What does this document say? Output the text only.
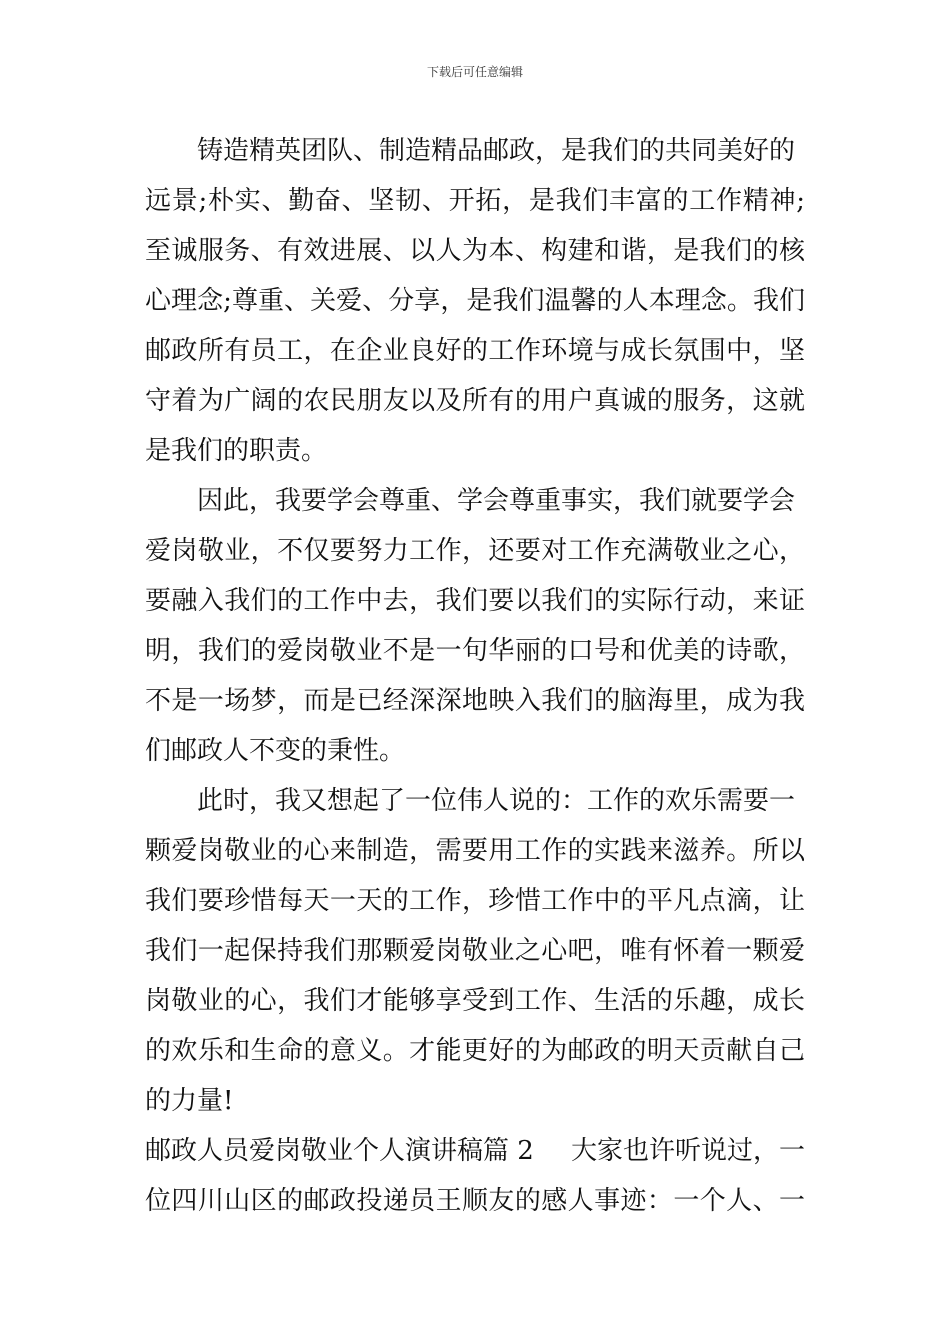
下载后可任意编辑
铸造精英团队、制造精品邮政，是我们的共同美好的
远景;朴实、勤奋、坚韧、开拓，是我们丰富的工作精神;
至诚服务、有效进展、以人为本、构建和谐，是我们的核
心理念;尊重、关爱、分享，是我们温馨的人本理念。我们
邮政所有员工，在企业良好的工作环境与成长氛围中，坚
守着为广阔的农民朋友以及所有的用户真诚的服务，这就
是我们的职责。
因此，我要学会尊重、学会尊重事实，我们就要学会
爱岗敬业，不仅要努力工作，还要对工作充满敬业之心，
要融入我们的工作中去，我们要以我们的实际行动，来证
明，我们的爱岗敬业不是一句华丽的口号和优美的诗歌，
不是一场梦，而是已经深深地映入我们的脑海里，成为我
们邮政人不变的秉性。
此时，我又想起了一位伟人说的：工作的欢乐需要一
颗爱岗敬业的心来制造，需要用工作的实践来滋养。所以
我们要珍惜每天一天的工作，珍惜工作中的平凡点滴，让
我们一起保持我们那颗爱岗敬业之心吧，唯有怀着一颗爱
岗敬业的心，我们才能够享受到工作、生活的乐趣，成长
的欢乐和生命的意义。才能更好的为邮政的明天贡献自己
的力量!
邮政人员爱岗敬业个人演讲稿篇 2 大家也许听说过，一
位四川山区的邮政投递员王顺友的感人事迹：一个人、一
